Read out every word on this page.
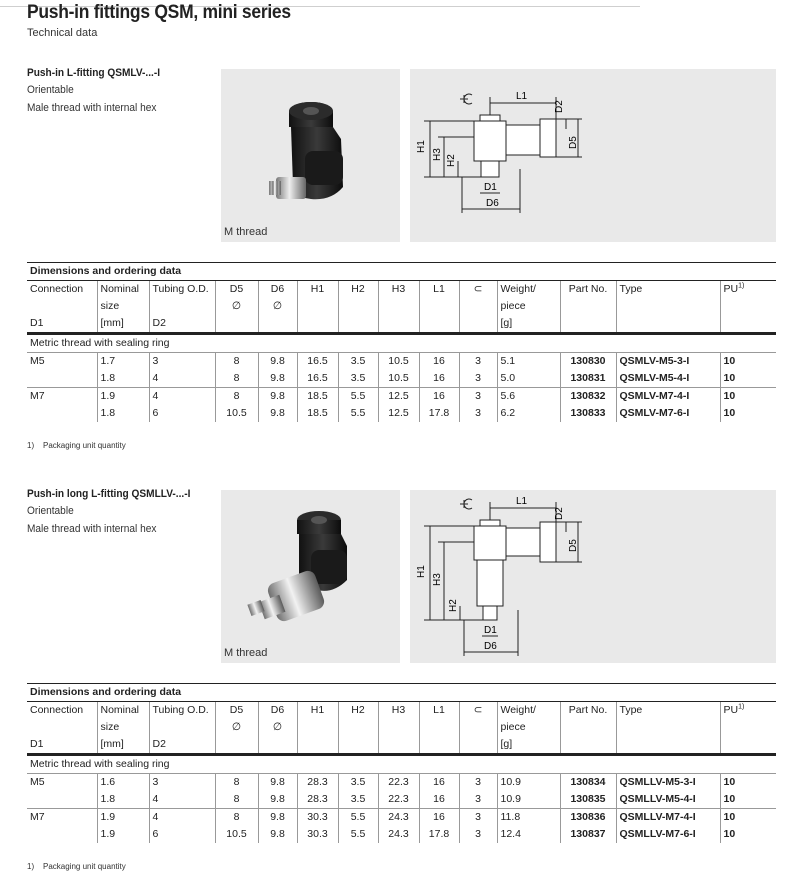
Push-in fittings QSM, mini series
Technical data
Push-in L-fitting QSMLV-...-I
Orientable
Male thread with internal hex
M thread
L1
D2
D5
H1
H3 H2
D1
D6
Dimensions and ordering data													
Connection	Nominal	Tubing O.D.	D5	D6	H1	H2	H3	L1	⊂	Weight/	Part No.	Type	PU$^{1)}$
	size		∅	∅						piece			
D1	[mm]	D2								[g]			
Metric thread with sealing ring													
M5	1.7	3	8	9.8	16.5	3.5	10.5	16	3	5.1	130830	QSMLV-M5-3-I	10
	1.8	4	8	9.8	16.5	3.5	10.5	16	3	5.0	130831	QSMLV-M5-4-I	10
M7	1.9	4	8	9.8	18.5	5.5	12.5	16	3	5.6	130832	QSMLV-M7-4-I	10
	1.8	6	10.5	9.8	18.5	5.5	12.5	17.8	3	6.2	130833	QSMLV-M7-6-I	10
1) Packaging unit quantity
Push-in long L-fitting QSMLLV-...-I
Orientable
Male thread with internal hex
M thread
L1
D2
D5
H1
H3
H2
D1
D6
Dimensions and ordering data													
Connection	Nominal	Tubing O.D.	D5	D6	H1	H2	H3	L1	⊂	Weight/	Part No.	Type	PU$^{1)}$
	size		∅	∅						piece			
D1	[mm]	D2								[g]			
Metric thread with sealing ring													
M5	1.6	3	8	9.8	28.3	3.5	22.3	16	3	10.9	130834	QSMLLV-M5-3-I	10
	1.8	4	8	9.8	28.3	3.5	22.3	16	3	10.9	130835	QSMLLV-M5-4-I	10
M7	1.9	4	8	9.8	30.3	5.5	24.3	16	3	11.8	130836	QSMLLV-M7-4-I	10
	1.9	6	10.5	9.8	30.3	5.5	24.3	17.8	3	12.4	130837	QSMLLV-M7-6-I	10
1) Packaging unit quantity
